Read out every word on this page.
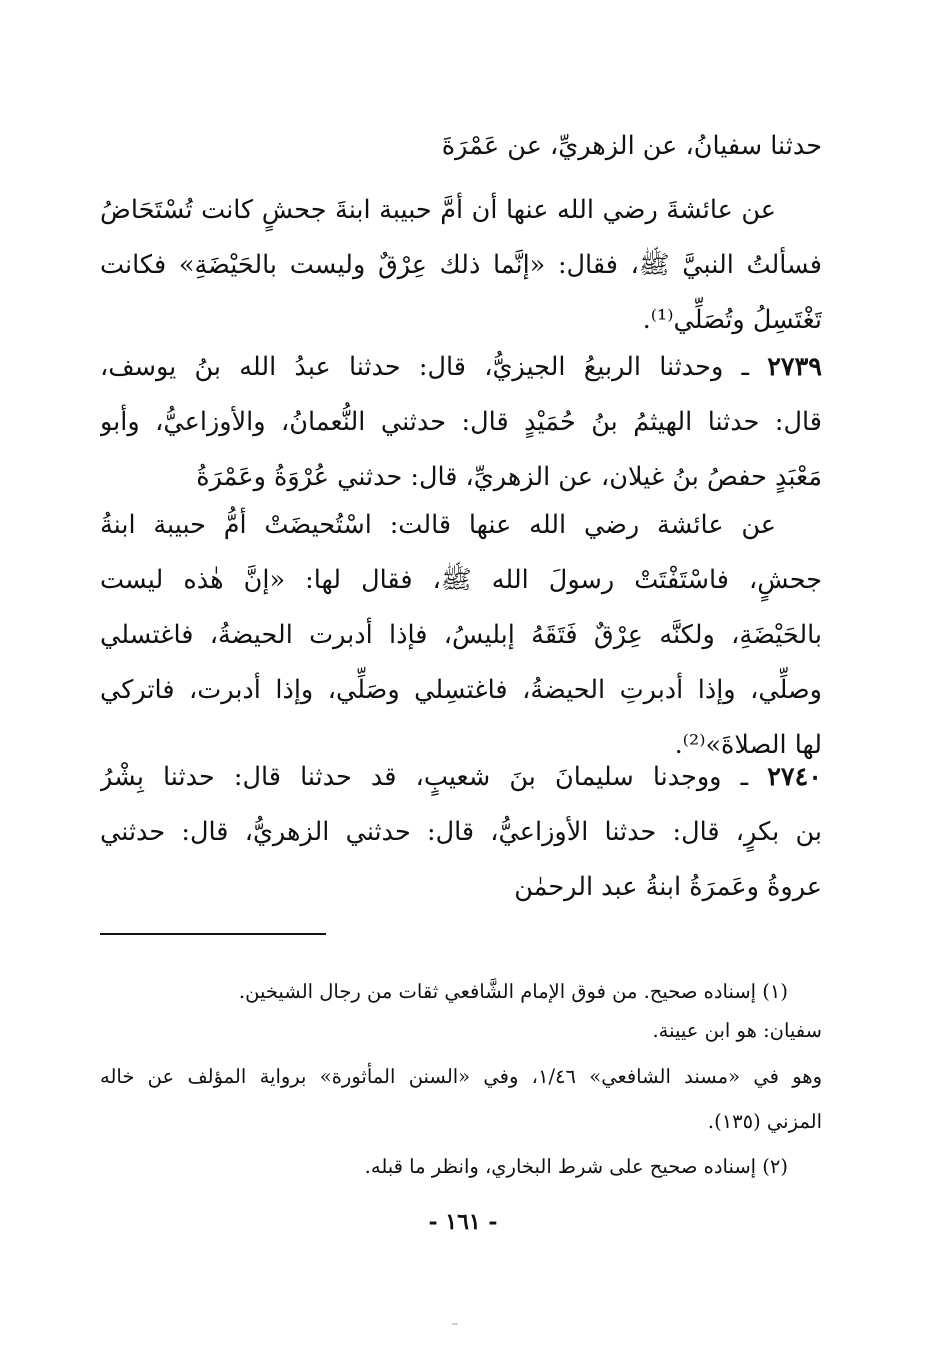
حدثنا سفيانُ، عن الزهريِّ، عن عَمْرَةَ
عن عائشةَ رضي الله عنها أن أمَّ حبيبة ابنةَ جحشٍ كانت تُسْتَحَاضُ
فسألتُ النبيَّ ﷺ، فقال: «إنَّما ذلك عِرْقٌ وليست بالحَيْضَةِ» فكانت
تَغْتَسِلُ وتُصَلِّي⁽¹⁾.
٢٧٣٩ ـ وحدثنا الربيعُ الجيزيُّ، قال: حدثنا عبدُ الله بنُ يوسف،
قال: حدثنا الهيثمُ بنُ حُمَيْدٍ قال: حدثني النُّعمانُ، والأوزاعيُّ، وأبو
مَعْبَدٍ حفصُ بنُ غيلان، عن الزهريِّ، قال: حدثني عُرْوَةُ وعَمْرَةُ
عن عائشة رضي الله عنها قالت: اسْتُحيضَتْ أمُّ حبيبة ابنةُ
جحشٍ، فاسْتَفْتَتْ رسولَ الله ﷺ، فقال لها: «إنَّ هٰذه ليست
بالحَيْضَةِ، ولكنَّه عِرْقٌ فَتَقَهُ إبليسُ، فإذا أدبرت الحيضةُ، فاغتسلي
وصلِّي، وإذا أدبرتِ الحيضةُ، فاغتسِلي وصَلِّي، وإذا أدبرت، فاتركي
لها الصلاةَ»⁽²⁾.
٢٧٤٠ ـ ووجدنا سليمانَ بنَ شعيبٍ، قد حدثنا قال: حدثنا بِشْرُ
بن بكرٍ، قال: حدثنا الأوزاعيُّ، قال: حدثني الزهريُّ، قال: حدثني
عروةُ وعَمرَةُ ابنةُ عبد الرحمٰن
(١) إسناده صحيح. من فوق الإمام الشَّافعي ثقات من رجال الشيخين.
سفيان: هو ابن عيينة.
وهو في «مسند الشافعي» ١/٤٦، وفي «السنن المأثورة» برواية المؤلف عن خاله
المزني (١٣٥).
(٢) إسناده صحيح على شرط البخاري، وانظر ما قبله.
- ١٦١ -
